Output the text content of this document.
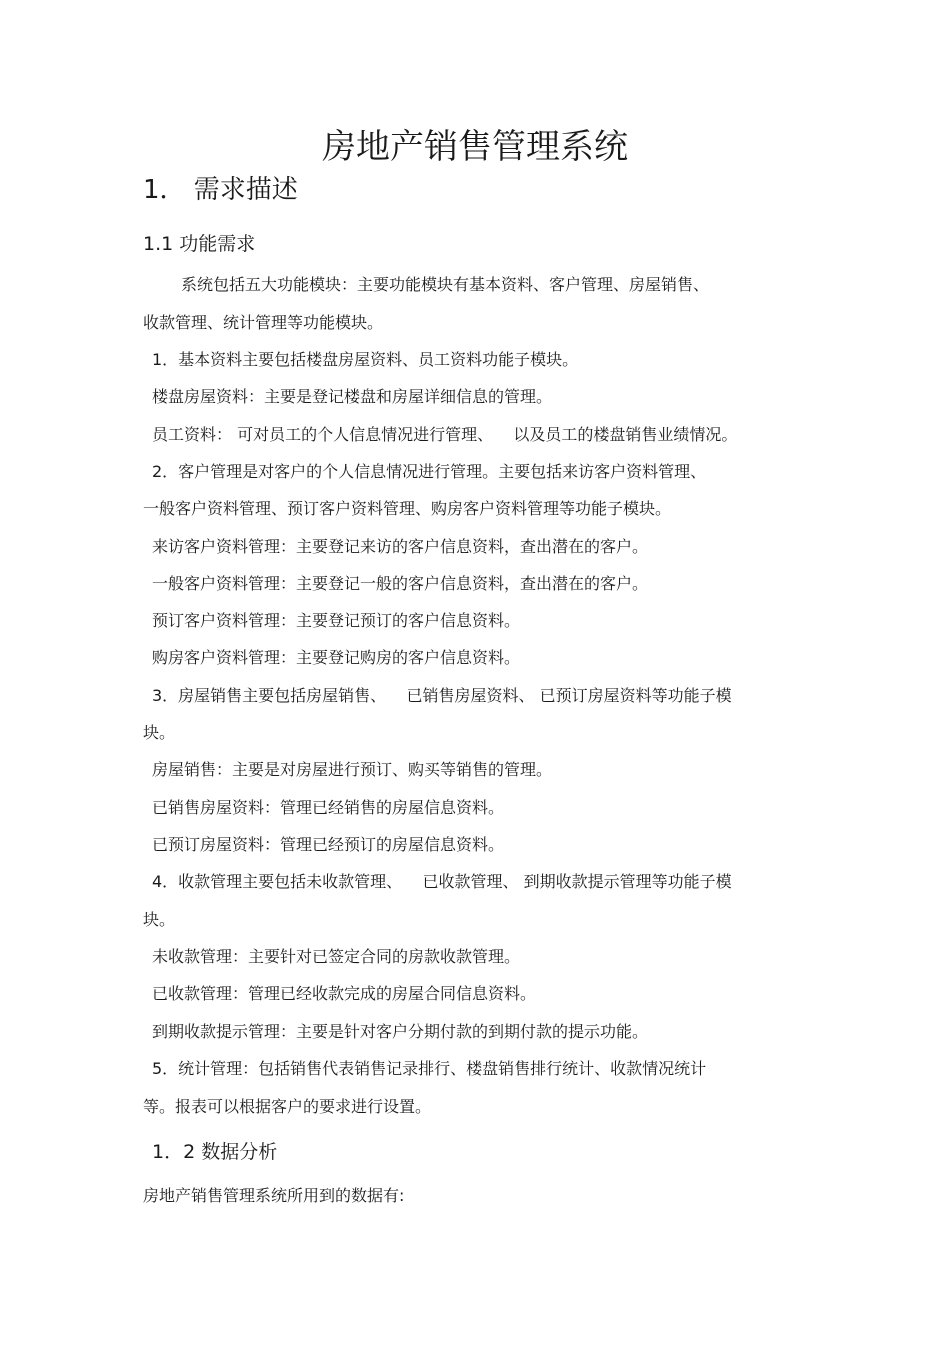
房地产销售管理系统
1． 需求描述
1.1 功能需求
系统包括五大功能模块：主要功能模块有基本资料、客户管理、房屋销售、
收款管理、统计管理等功能模块。
1．基本资料主要包括楼盘房屋资料、员工资料功能子模块。
楼盘房屋资料：主要是登记楼盘和房屋详细信息的管理。
员工资料： 可对员工的个人信息情况进行管理、    以及员工的楼盘销售业绩情况。
2．客户管理是对客户的个人信息情况进行管理。主要包括来访客户资料管理、
一般客户资料管理、预订客户资料管理、购房客户资料管理等功能子模块。
来访客户资料管理：主要登记来访的客户信息资料，查出潜在的客户。
一般客户资料管理：主要登记一般的客户信息资料，查出潜在的客户。
预订客户资料管理：主要登记预订的客户信息资料。
购房客户资料管理：主要登记购房的客户信息资料。
3．房屋销售主要包括房屋销售、    已销售房屋资料、 已预订房屋资料等功能子模
块。
房屋销售：主要是对房屋进行预订、购买等销售的管理。
已销售房屋资料：管理已经销售的房屋信息资料。
已预订房屋资料：管理已经预订的房屋信息资料。
4．收款管理主要包括未收款管理、    已收款管理、 到期收款提示管理等功能子模
块。
未收款管理：主要针对已签定合同的房款收款管理。
已收款管理：管理已经收款完成的房屋合同信息资料。
到期收款提示管理：主要是针对客户分期付款的到期付款的提示功能。
5．统计管理：包括销售代表销售记录排行、楼盘销售排行统计、收款情况统计
等。报表可以根据客户的要求进行设置。
1．2 数据分析
房地产销售管理系统所用到的数据有:
